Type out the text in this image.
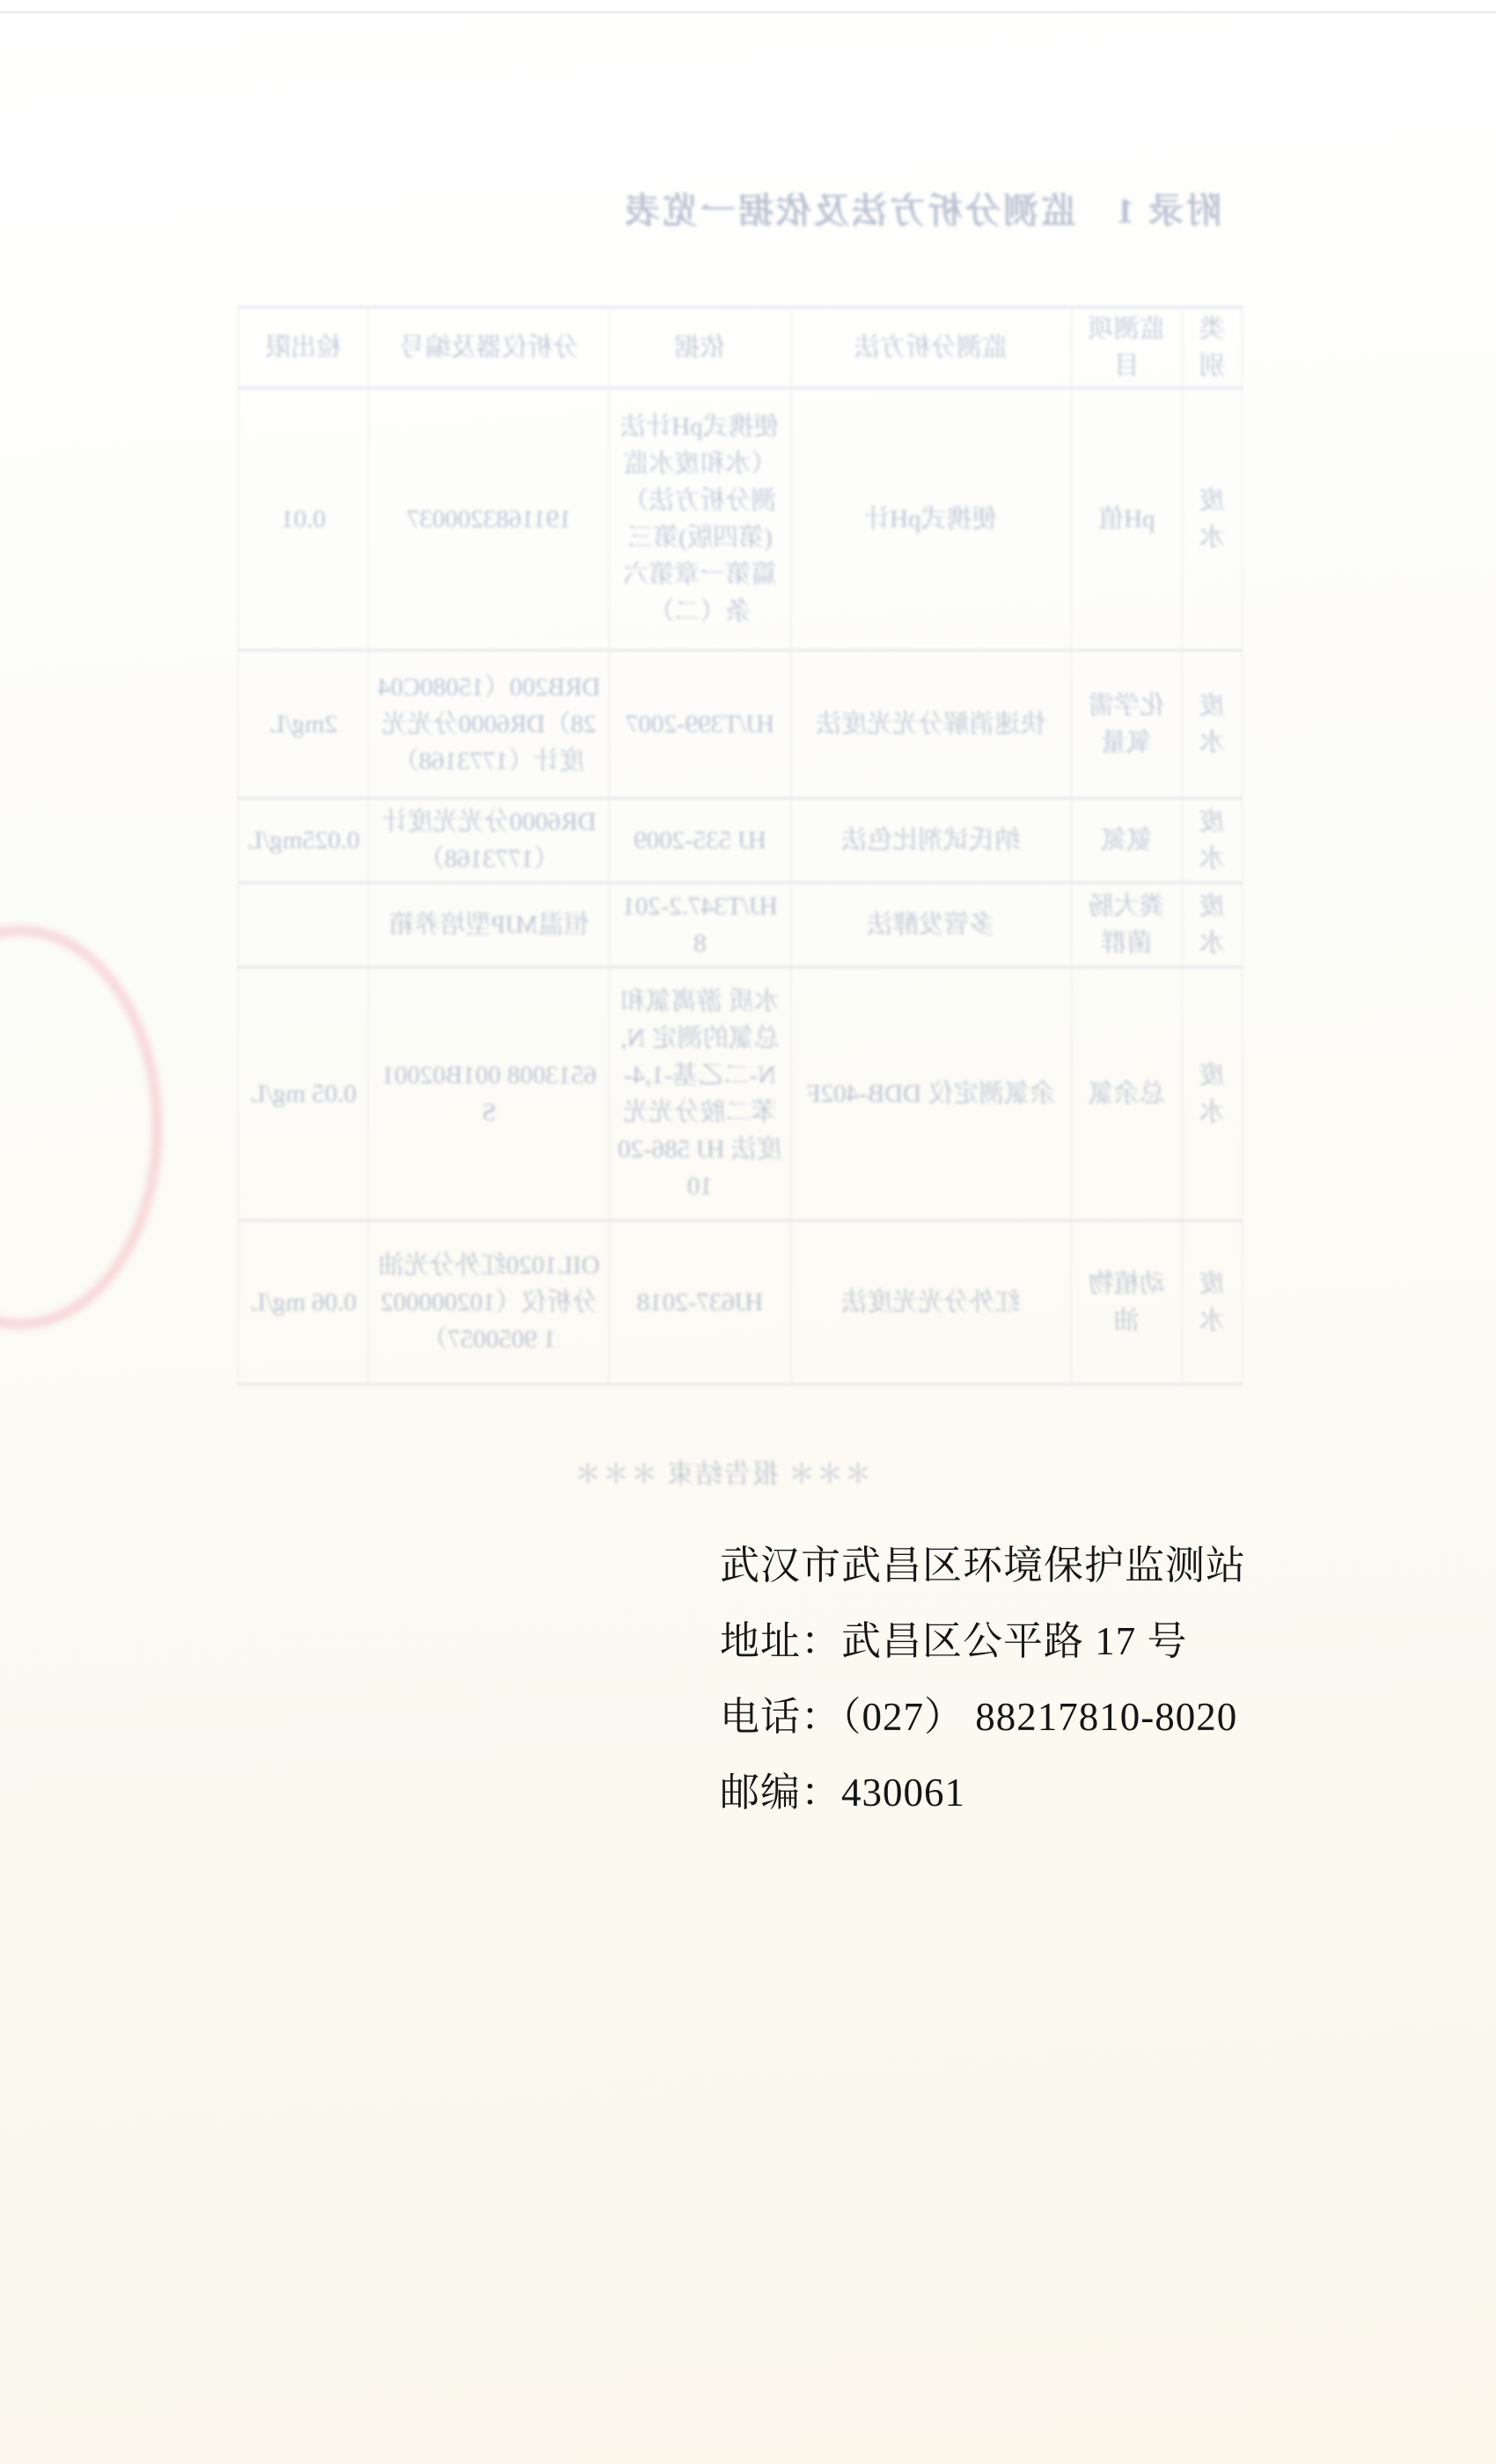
附录 1　监测分析方法及依据一览表
类别	监测项目	监测分析方法	依据	分析仪器及编号	检出限
废水	pH值	便携式pH计	便携式pH计法（水和废水监测分析方法）(第四版)第三篇第一章第六条（二）	1911683200037	0.01
废水	化学需氧量	快速消解分光光度法	HJ/T399-2007	DRB200（15080C0428）DR6000分光光度计（1773168）	2mg/L
废水	氨氮	纳氏试剂比色法	HJ 535-2009	DR6000分光光度计（1773168）	0.025mg/L
废水	粪大肠菌群	多管发酵法	HJ/T347.2-2018	恒温MJP型培养箱	
废水	总余氯	余氯测定仪 DDB-402F	水质 游离氯和总氯的测定 N,N-二乙基-1,4-苯二胺分光光度法 HJ 586-2010	6513008 001B02001S	0.05 mg/L
废水	动植物油	红外分光光度法	HJ637-2018	OIL1020红外分光油分析仪（1020000021 9050057）	0.06 mg/L
＊＊＊ 报告结束 ＊＊＊
武汉市武昌区环境保护监测站
地址：武昌区公平路 17 号
电话：（027） 88217810-8020
邮编：430061
